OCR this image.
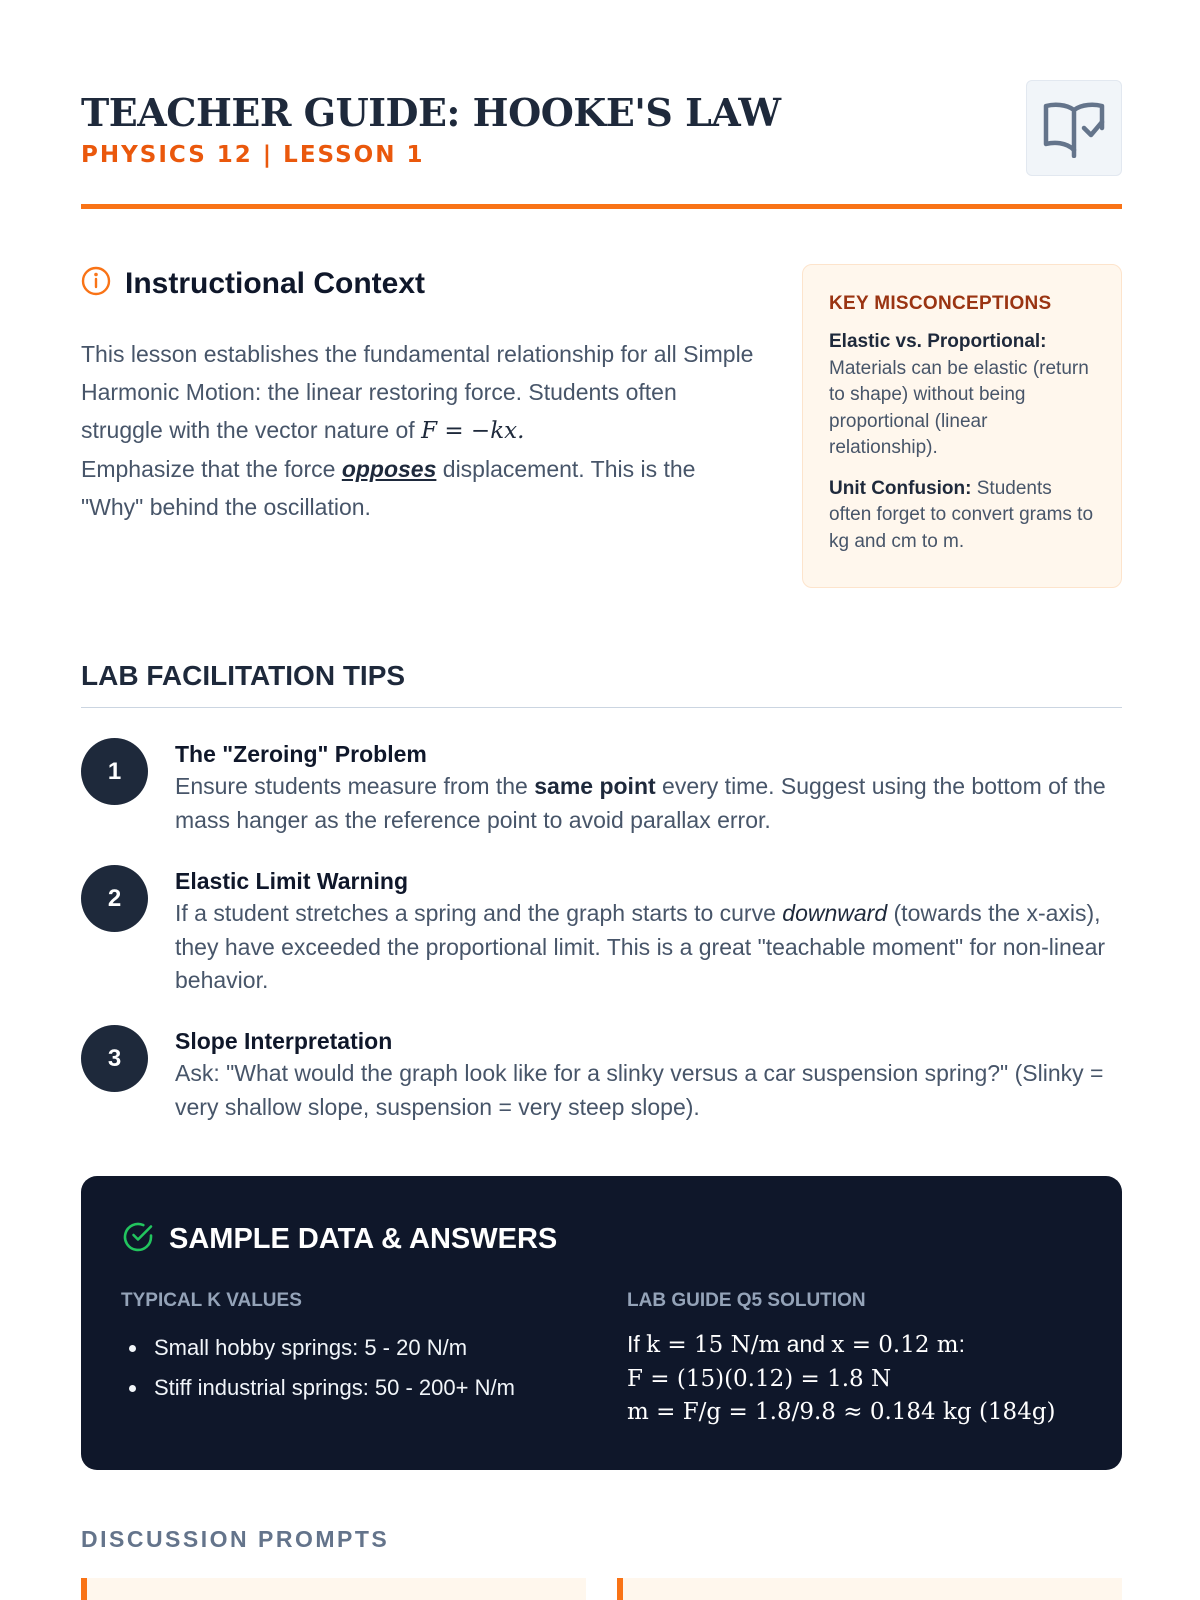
TEACHER GUIDE: HOOKE'S LAW
PHYSICS 12 | LESSON 1
Instructional Context

This lesson establishes the fundamental relationship for all Simple Harmonic Motion: the linear restoring force. Students often struggle with the vector nature of F = −kx.
Emphasize that the force opposes displacement. This is the "Why" behind the oscillation.

KEY MISCONCEPTIONS

Elastic vs. Proportional: Materials can be elastic (return to shape) without being proportional (linear relationship).

Unit Confusion: Students often forget to convert grams to kg and cm to m.

LAB FACILITATION TIPS
1
The "Zeroing" Problem
Ensure students measure from the same point every time. Suggest using the bottom of the mass hanger as the reference point to avoid parallax error.
2
Elastic Limit Warning
If a student stretches a spring and the graph starts to curve downward (towards the x-axis), they have exceeded the proportional limit. This is a great "teachable moment" for non-linear behavior.
3
Slope Interpretation
Ask: "What would the graph look like for a slinky versus a car suspension spring?" (Slinky = very shallow slope, suspension = very steep slope).
SAMPLE DATA & ANSWERS
TYPICAL K VALUES
Small hobby springs: 5 - 20 N/m
Stiff industrial springs: 50 - 200+ N/m
LAB GUIDE Q5 SOLUTION
If k = 15 N/m and x = 0.12 m:
F = (15)(0.12) = 1.8 N
m = F/g = 1.8/9.8 ≈ 0.184 kg (184g)
DISCUSSION PROMPTS
